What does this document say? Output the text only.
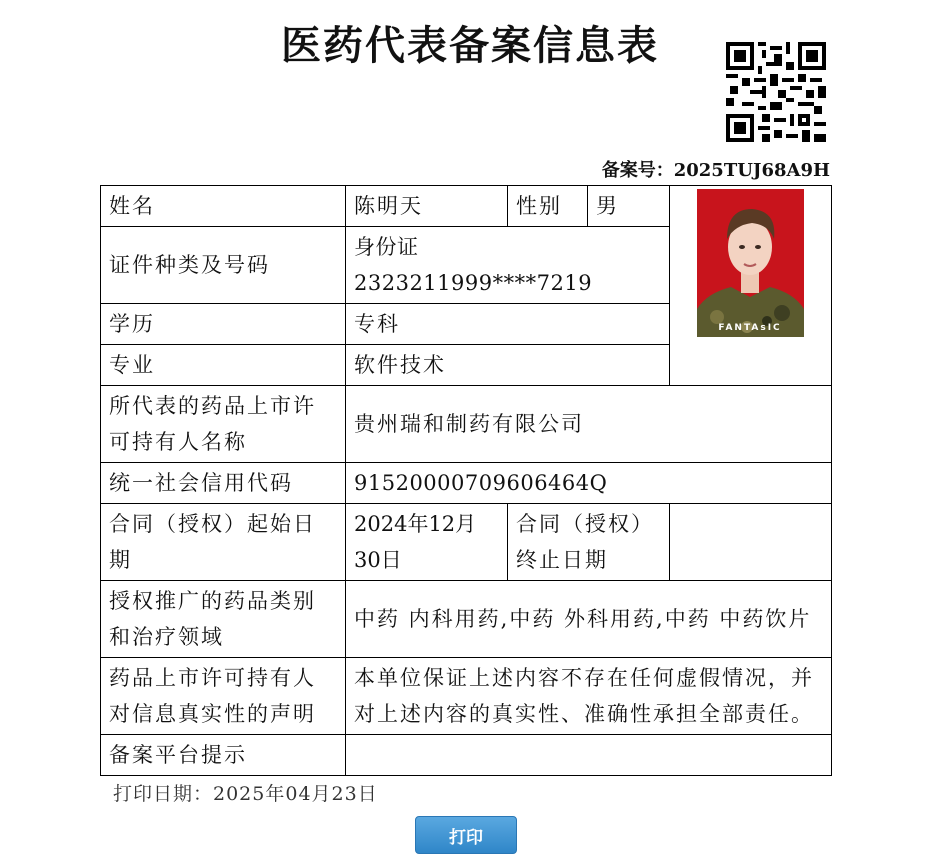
医药代表备案信息表
备案号：2025TUJ68A9H
姓名	陈明天	性别	男	FANTAsIC

证件种类及号码	身份证 2323211999****7219			
学历	专科			
专业	软件技术			
所代表的药品上市许可持有人名称	贵州瑞和制药有限公司			
统一社会信用代码	91520000709606464Q			
合同（授权）起始日期	2024年12月30日	合同（授权）终止日期		
授权推广的药品类别和治疗领域	中药 内科用药,中药 外科用药,中药 中药饮片			
药品上市许可持有人对信息真实性的声明	本单位保证上述内容不存在任何虚假情况，并对上述内容的真实性、准确性承担全部责任。			
备案平台提示				
打印日期：2025年04月23日
打印
